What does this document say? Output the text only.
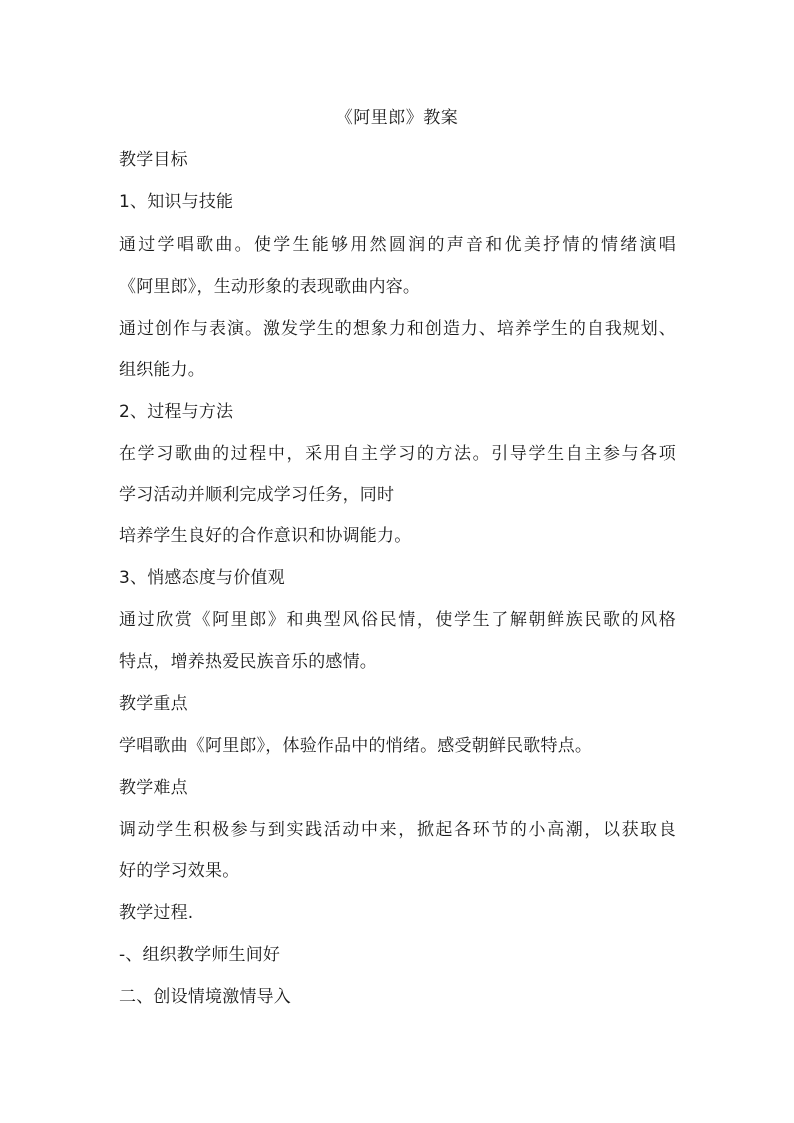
《阿里郎》教案
教学目标
1、知识与技能
通过学唱歌曲。使学生能够用然圆润的声音和优美抒情的情绪演唱
《阿里郎》，生动形象的表现歌曲内容。
通过创作与表演。激发学生的想象力和创造力、培养学生的自我规划、
组织能力。
2、过程与方法
在学习歌曲的过程中，采用自主学习的方法。引导学生自主参与各项
学习活动并顺利完成学习任务，同时
培养学生良好的合作意识和协调能力。
3、悄感态度与价值观
通过欣赏《阿里郎》和典型风俗民情，使学生了解朝鲜族民歌的风格
特点，增养热爱民族音乐的感情。
教学重点
学唱歌曲《阿里郎》，体验作品中的悄绪。感受朝鲜民歌特点。
教学难点
调动学生积极参与到实践活动中来，掀起各环节的小高潮，以获取良
好的学习效果。
教学过程.
-、组织教学师生间好
二、创设情境激情导入
